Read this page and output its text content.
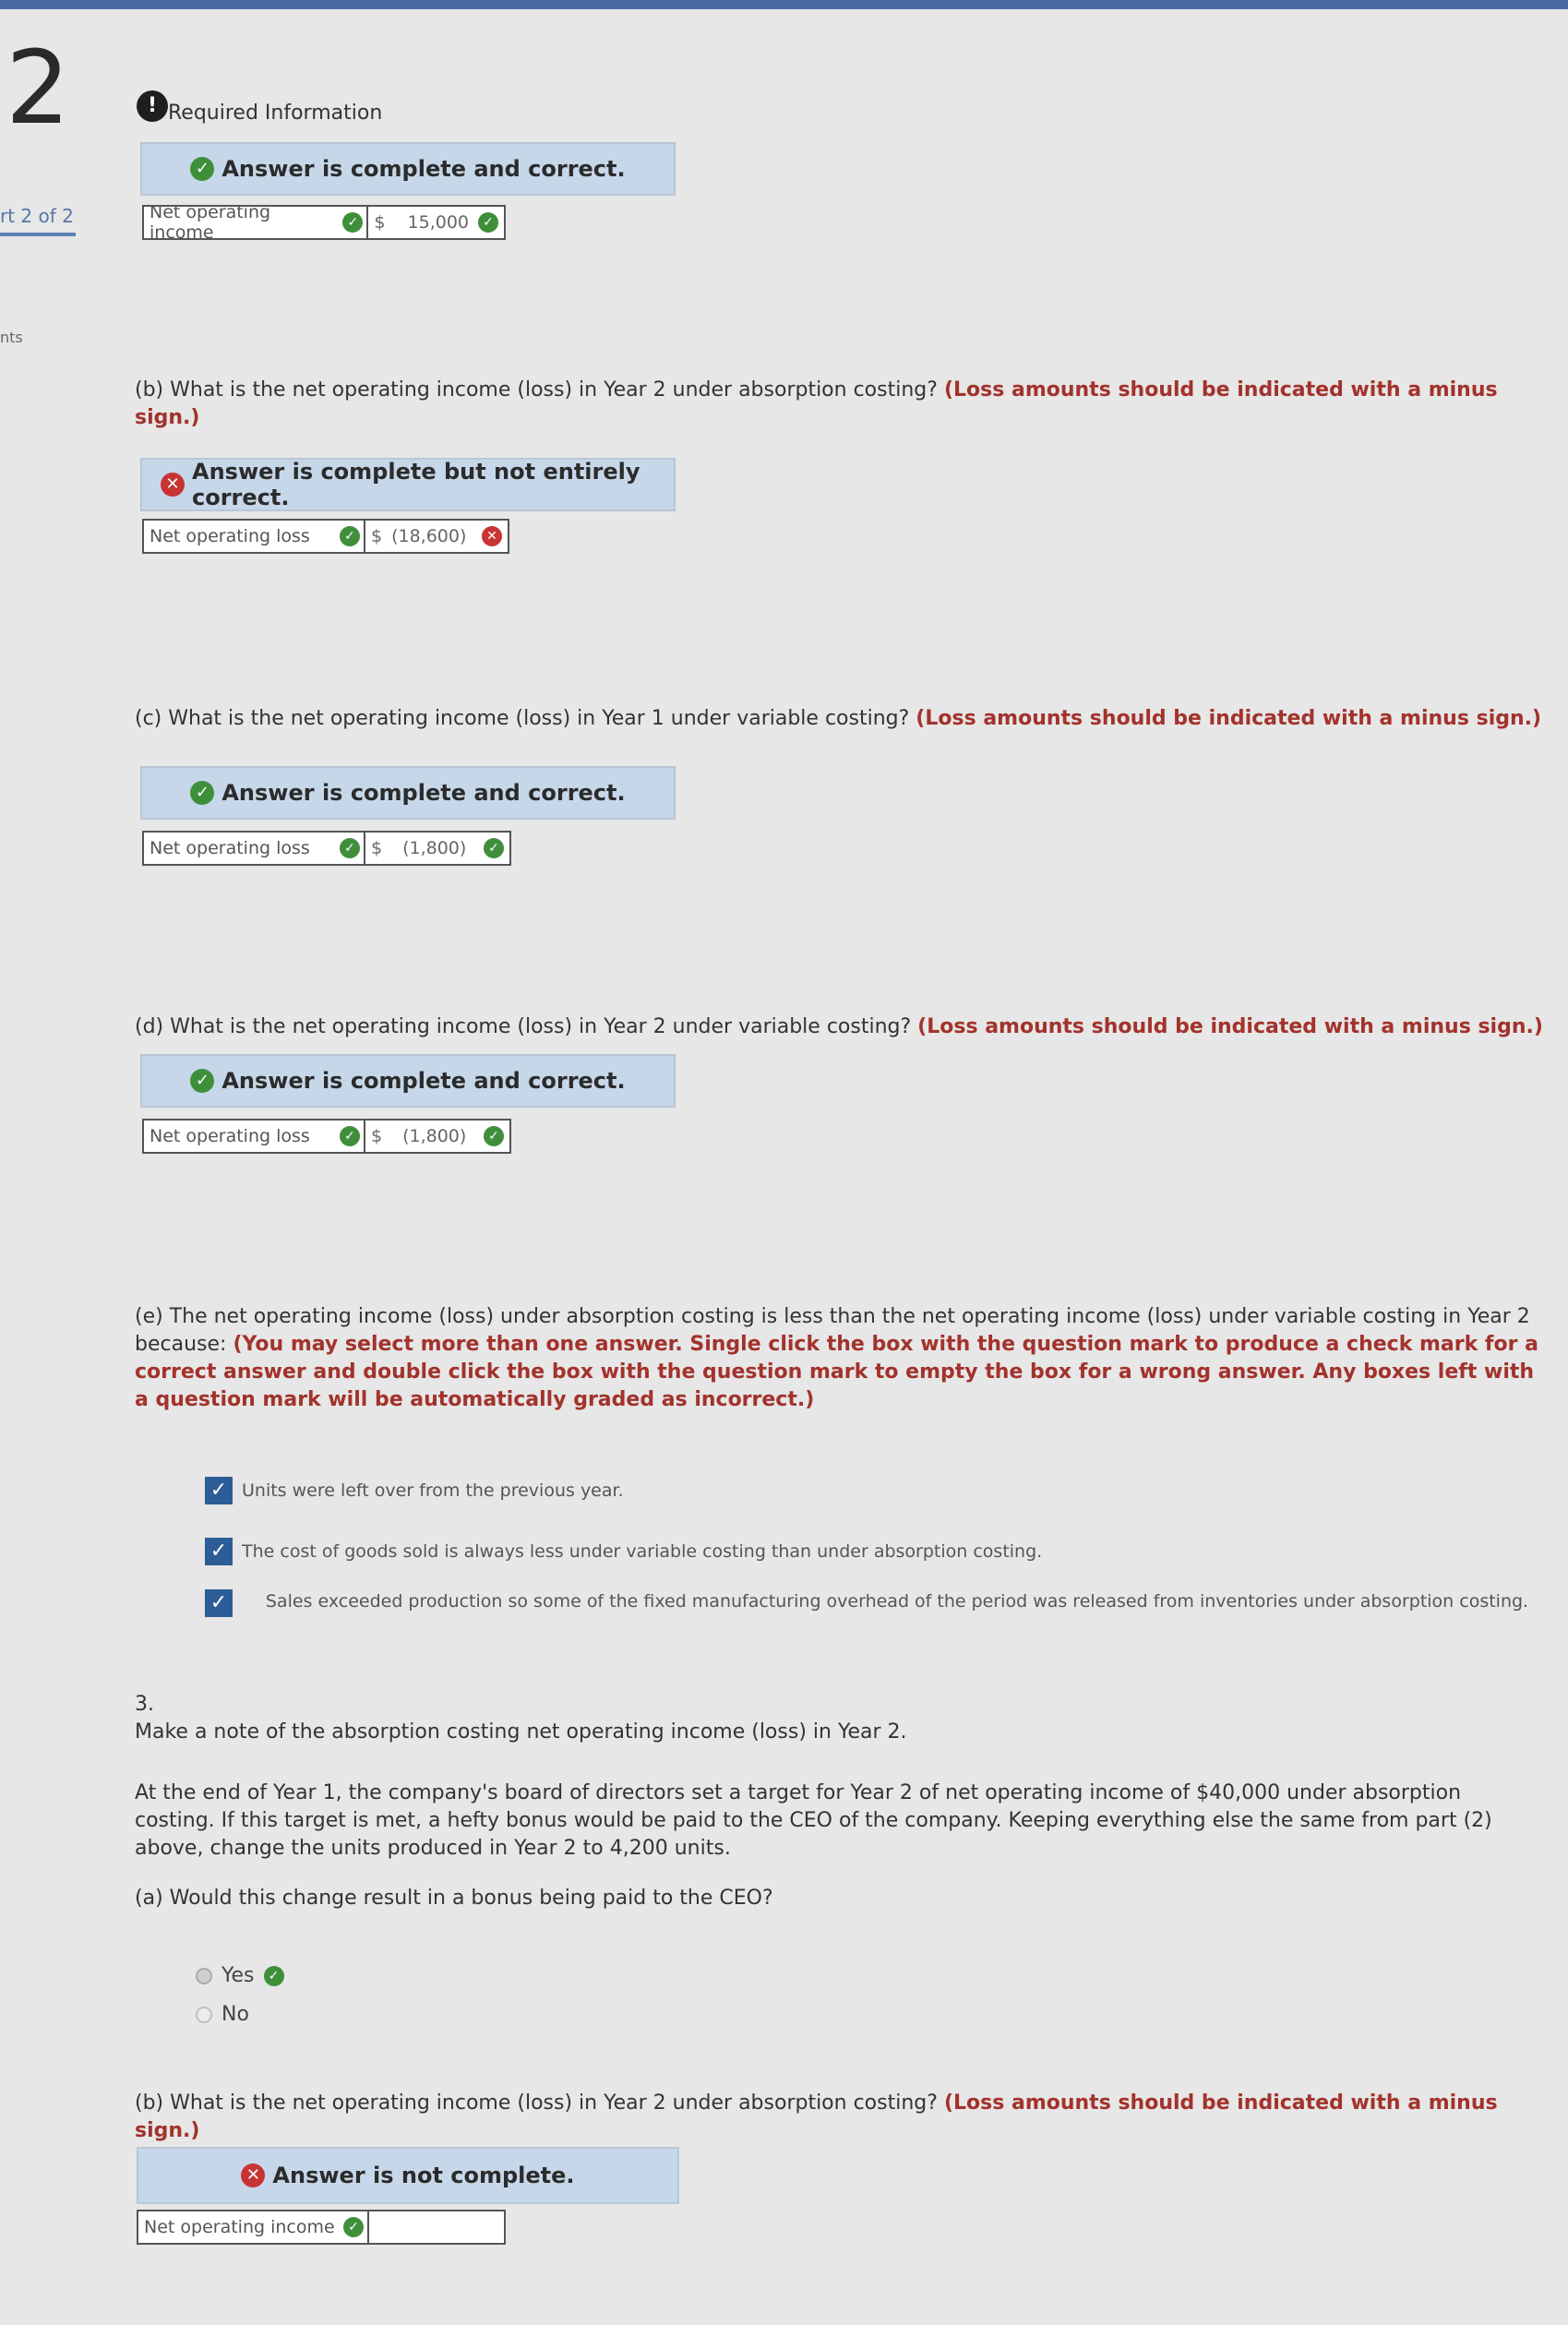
2
rt 2 of 2
nts
! Required Information
✓ Answer is complete and correct.
Net operating income	✓ $ 15,000	✓
(b) What is the net operating income (loss) in Year 2 under absorption costing? (Loss amounts should be indicated with a minus sign.)
✕ Answer is complete but not entirely correct.
Net operating loss	✓ $ (18,600)	✕
(c) What is the net operating income (loss) in Year 1 under variable costing? (Loss amounts should be indicated with a minus sign.)
✓ Answer is complete and correct.
Net operating loss	✓ $ (1,800)	✓
(d) What is the net operating income (loss) in Year 2 under variable costing? (Loss amounts should be indicated with a minus sign.)
✓ Answer is complete and correct.
Net operating loss	✓ $ (1,800)	✓
(e) The net operating income (loss) under absorption costing is less than the net operating income (loss) under variable costing in Year 2 because: (You may select more than one answer. Single click the box with the question mark to produce a check mark for a correct answer and double click the box with the question mark to empty the box for a wrong answer. Any boxes left with a question mark will be automatically graded as incorrect.)
✓ Units were left over from the previous year.
✓ The cost of goods sold is always less under variable costing than under absorption costing.
✓	Sales exceeded production so some of the fixed manufacturing overhead of the period was released from inventories under absorption costing.
3.
Make a note of the absorption costing net operating income (loss) in Year 2.
At the end of Year 1, the company's board of directors set a target for Year 2 of net operating income of $40,000 under absorption costing. If this target is met, a hefty bonus would be paid to the CEO of the company. Keeping everything else the same from part (2) above, change the units produced in Year 2 to 4,200 units.
(a) Would this change result in a bonus being paid to the CEO?
Yes	✓
No
(b) What is the net operating income (loss) in Year 2 under absorption costing? (Loss amounts should be indicated with a minus sign.)
✕ Answer is not complete.
Net operating income	✓
